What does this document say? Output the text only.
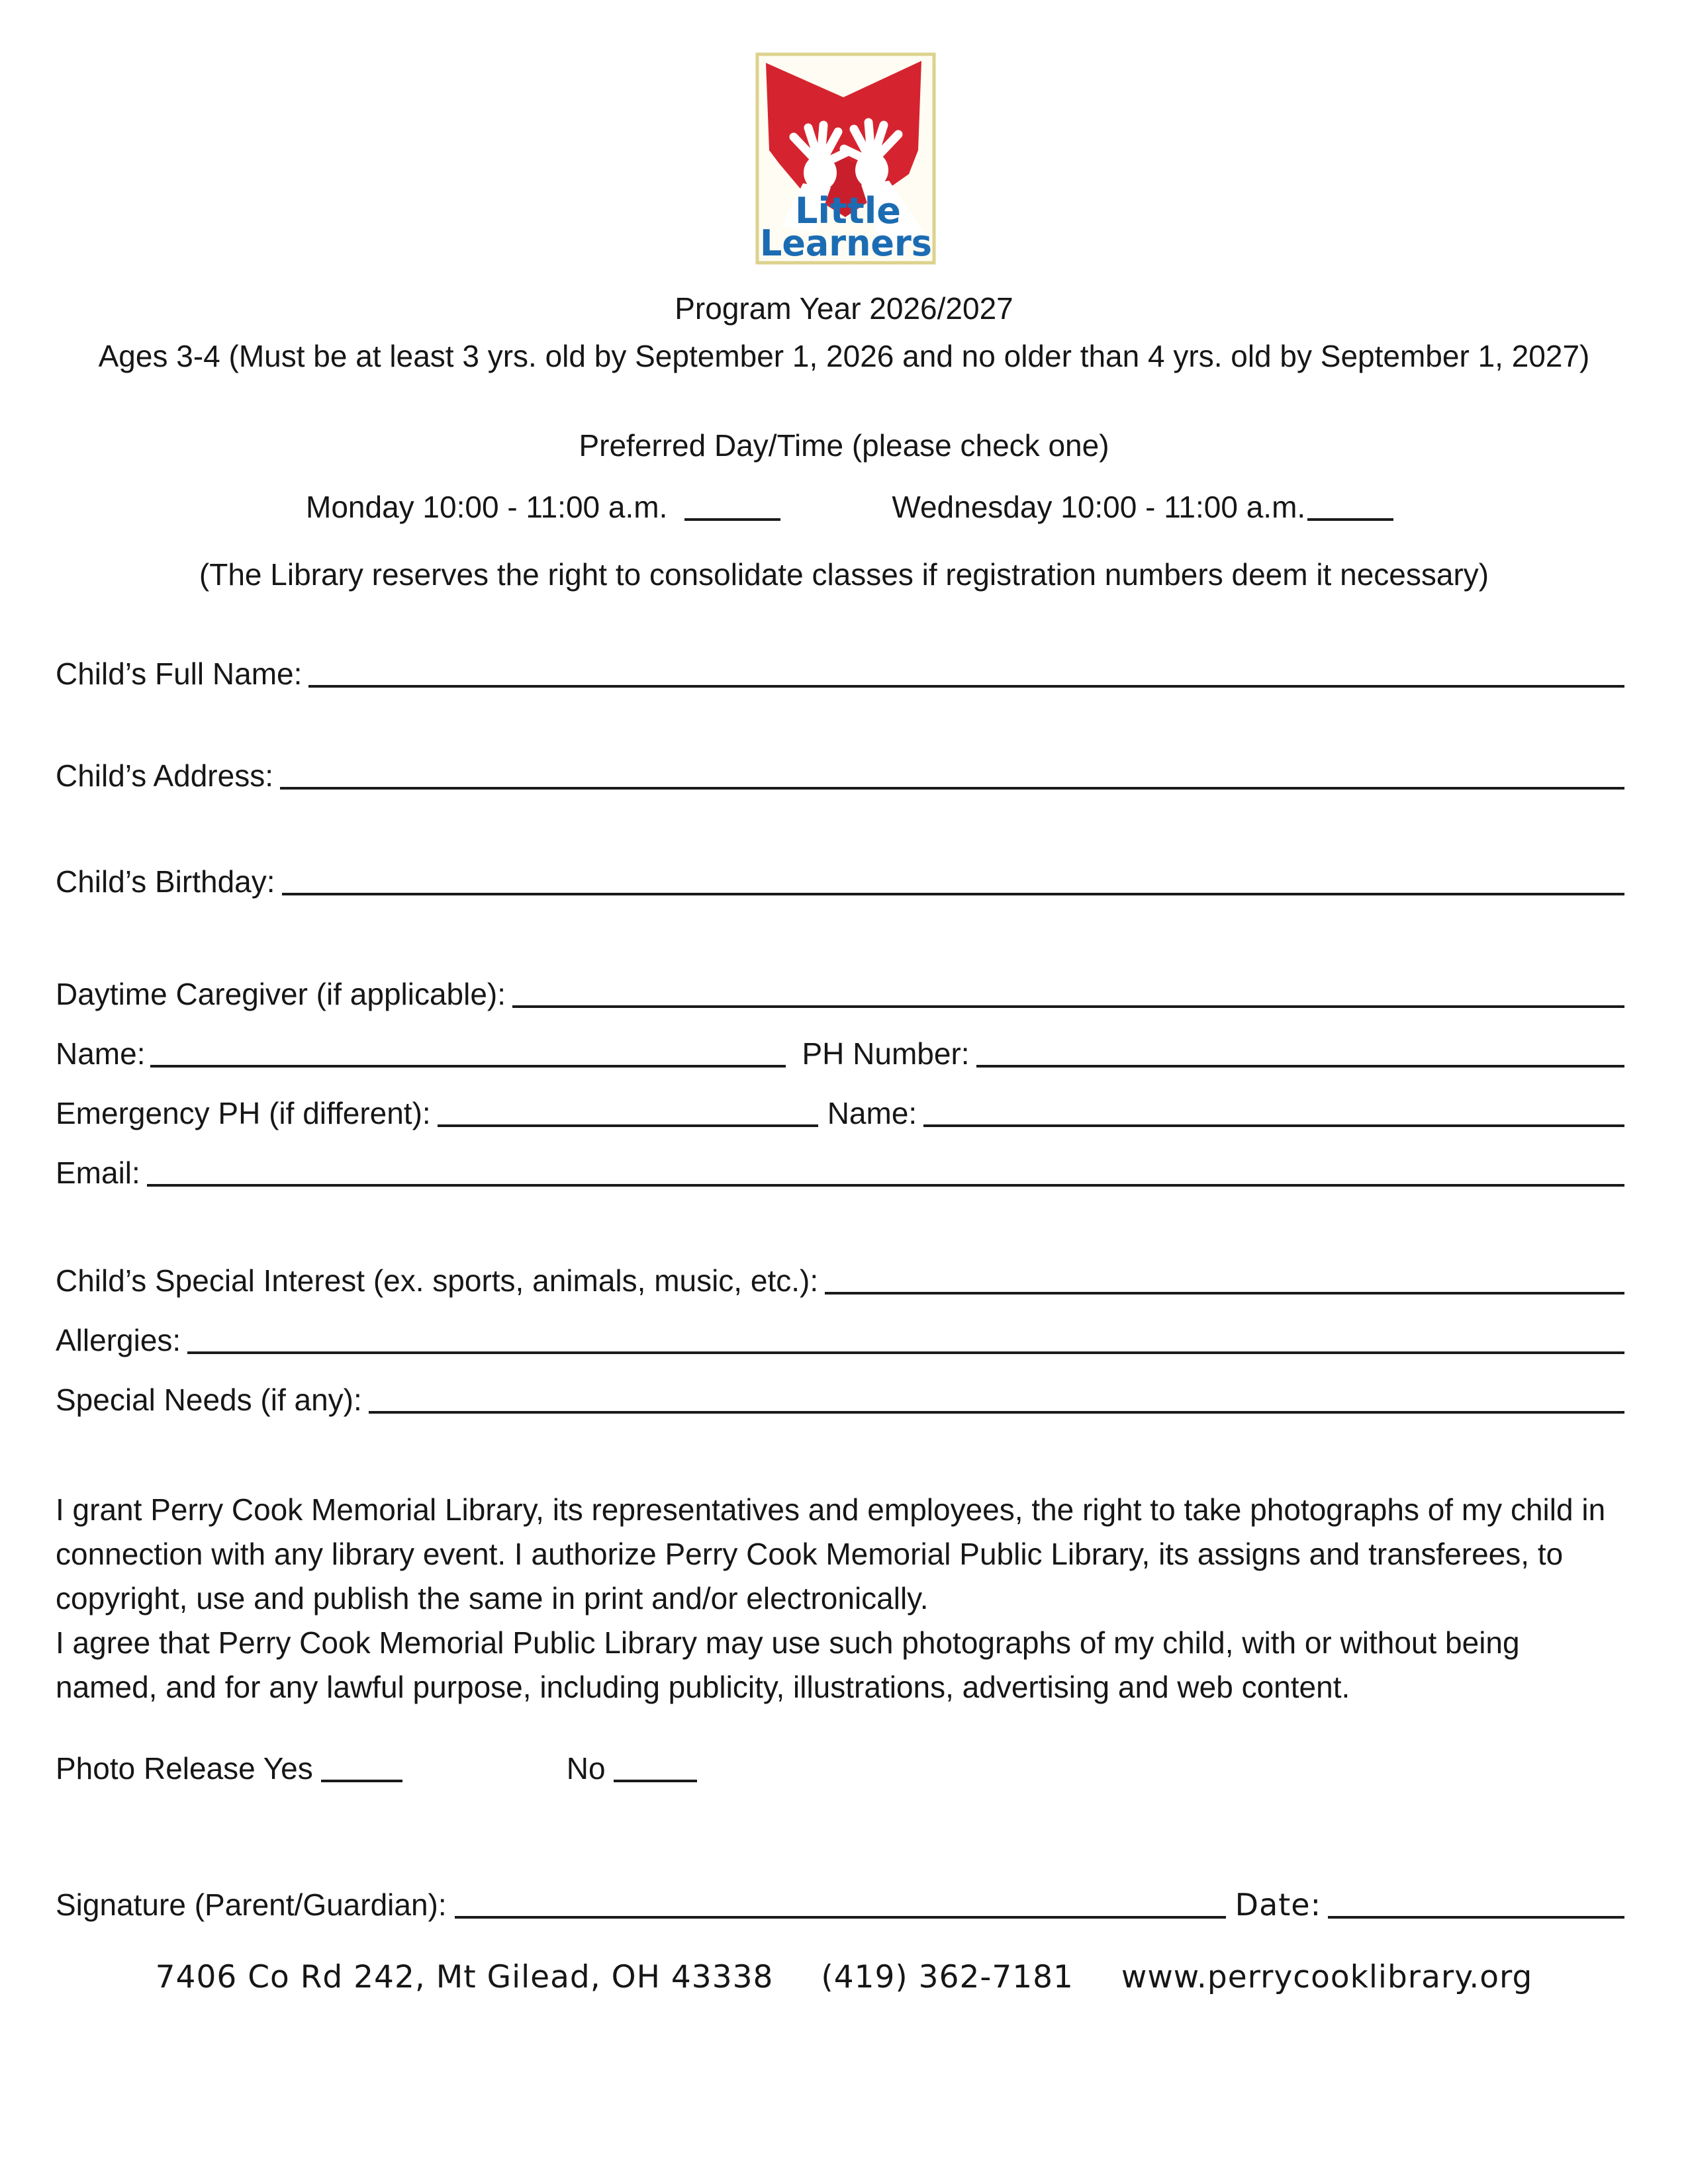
Little
Learners
Program Year 2026/2027
Ages 3-4 (Must be at least 3 yrs. old by September 1, 2026 and no older than 4 yrs. old by September 1, 2027)
Preferred Day/Time (please check one)
Monday 10:00 - 11:00 a.m.	Wednesday 10:00 - 11:00 a.m.
(The Library reserves the right to consolidate classes if registration numbers deem it necessary)
Child’s Full Name:
Child’s Address:
Child’s Birthday:
Daytime Caregiver (if applicable):
Name:	PH Number:
Emergency PH (if different):	Name:
Email:
Child’s Special Interest (ex. sports, animals, music, etc.):
Allergies:
Special Needs (if any):
I grant Perry Cook Memorial Library, its representatives and employees, the right to take photographs of my child in connection with any library event. I authorize Perry Cook Memorial Public Library, its assigns and transferees, to copyright, use and publish the same in print and/or electronically.
I agree that Perry Cook Memorial Public Library may use such photographs of my child, with or without being named, and for any lawful purpose, including publicity, illustrations, advertising and web content.
Photo Release Yes	No
Signature (Parent/Guardian):	Date:
7406 Co Rd 242, Mt Gilead, OH 43338 (419) 362-7181 www.perrycooklibrary.org
